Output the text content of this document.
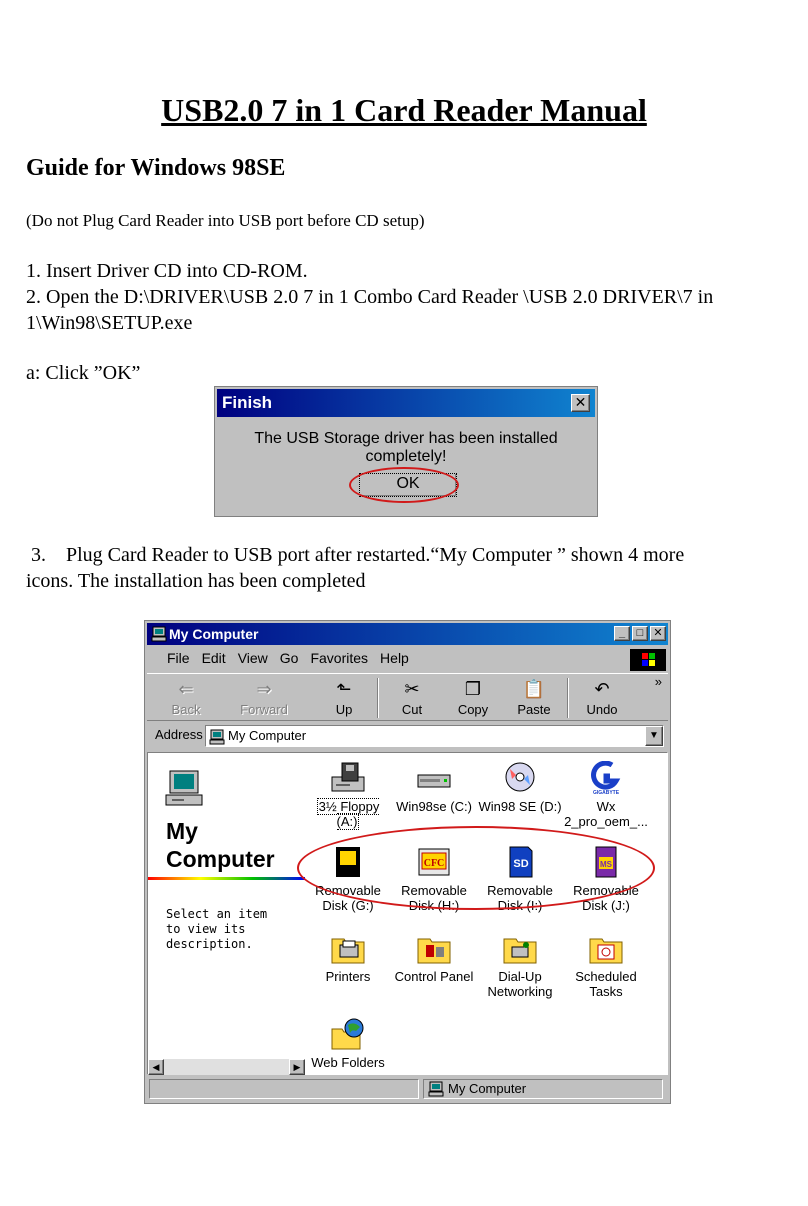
USB2.0 7 in 1 Card Reader Manual
Guide for Windows 98SE
(Do not Plug Card Reader into USB port before CD setup)
1. Insert Driver CD into CD-ROM.
2. Open the D:\DRIVER\USB 2.0 7 in 1 Combo Card Reader \USB 2.0 DRIVER\7 in
1\Win98\SETUP.exe
a: Click ”OK”
3.    Plug Card Reader to USB port after restarted.“My Computer ” shown 4 more
icons. The installation has been completed
Finish	✕
The USB Storage driver has been installed completely!
OK
My Computer	_	□ ✕
File Edit View Go Favorites Help
⇐
Back
⇒
Forward
⬑
Up
✂
Cut
❐
Copy
📋
Paste
↶
Undo
»
Address	My Computer	▼
My
Computer
Select an item
to view its
description.
3½ Floppy (A:)
Win98se (C:) Win98 SE (D:)
GIGABYTE
Wx
2_pro_oem_...
Removable
Disk (G:)
CFC
Removable
Disk (H:)
SD
Removable
Disk (I:)
MS
Removable
Disk (J:)
Printers	Control Panel	Dial-Up
Networking
Scheduled
Tasks
Web Folders
◀	▶
My Computer
